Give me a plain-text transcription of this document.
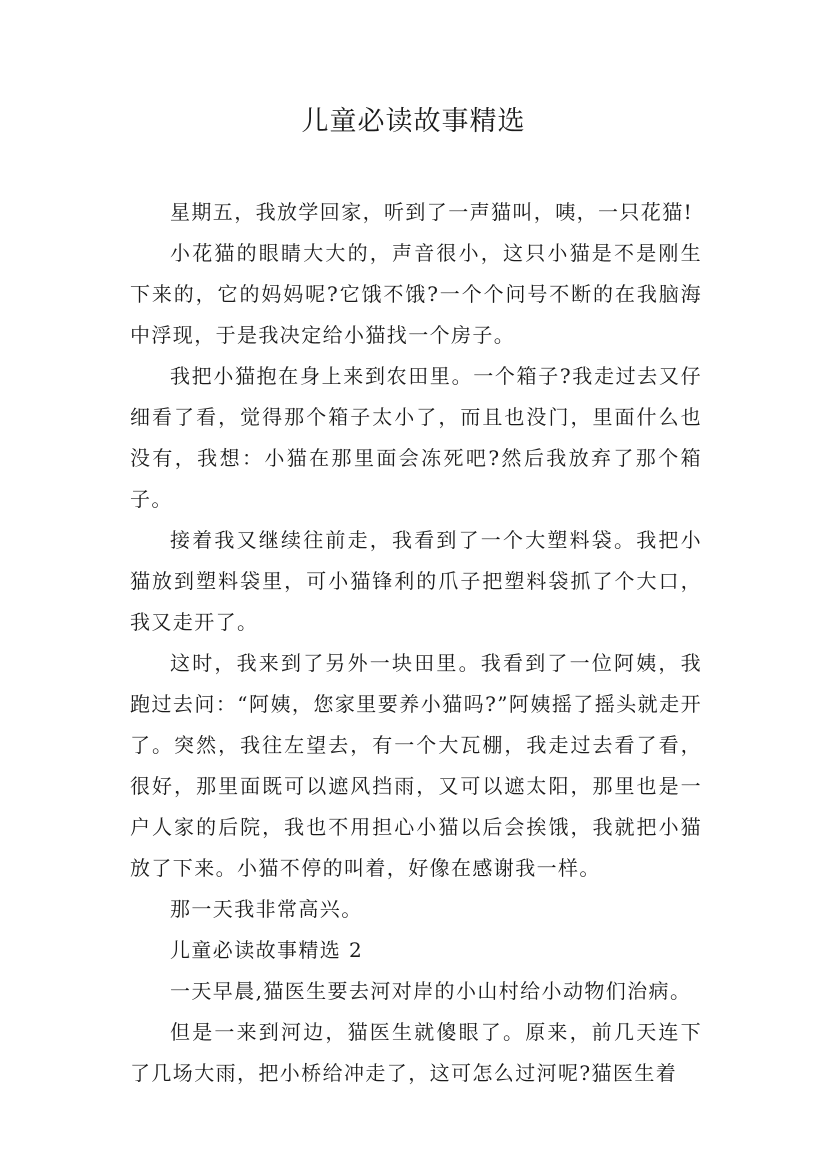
儿童必读故事精选

星期五，我放学回家，听到了一声猫叫，咦，一只花猫!

小花猫的眼睛大大的，声音很小，这只小猫是不是刚生下来的，它的妈妈呢?它饿不饿?一个个问号不断的在我脑海中浮现，于是我决定给小猫找一个房子。

我把小猫抱在身上来到农田里。一个箱子?我走过去又仔细看了看，觉得那个箱子太小了，而且也没门，里面什么也没有，我想：小猫在那里面会冻死吧?然后我放弃了那个箱子。

接着我又继续往前走，我看到了一个大塑料袋。我把小猫放到塑料袋里，可小猫锋利的爪子把塑料袋抓了个大口，我又走开了。

这时，我来到了另外一块田里。我看到了一位阿姨，我跑过去问：“阿姨，您家里要养小猫吗?”阿姨摇了摇头就走开了。突然，我往左望去，有一个大瓦棚，我走过去看了看，很好，那里面既可以遮风挡雨，又可以遮太阳，那里也是一户人家的后院，我也不用担心小猫以后会挨饿，我就把小猫放了下来。小猫不停的叫着，好像在感谢我一样。

那一天我非常高兴。

儿童必读故事精选 2

一天早晨,猫医生要去河对岸的小山村给小动物们治病。

但是一来到河边，猫医生就傻眼了。原来，前几天连下了几场大雨，把小桥给冲走了，这可怎么过河呢?猫医生着
